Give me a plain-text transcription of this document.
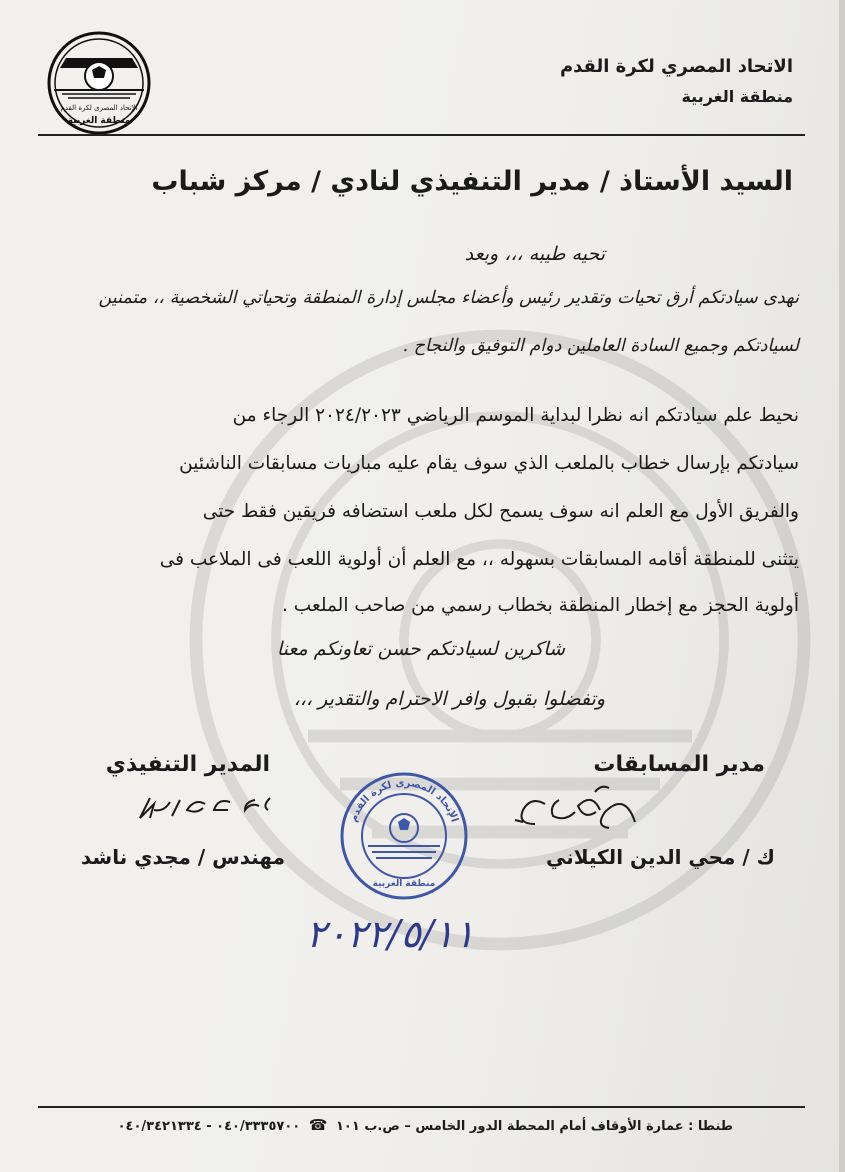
الإتحاد المصرى لكرة القدم
منطقة الغربية
الاتحاد المصري لكرة القدم
منطقة الغربية
السيد الأستاذ / مدير التنفيذي لنادي / مركز شباب
تحيه طيبه ،،، وبعد
نهدى سيادتكم أرق تحيات وتقدير رئيس وأعضاء مجلس إدارة المنطقة وتحياتي الشخصية ،، متمنين
لسيادتكم وجميع السادة العاملين دوام التوفيق والنجاح .
نحيط علم سيادتكم انه نظرا لبداية الموسم الرياضي ٢٠٢٤/٢٠٢٣ الرجاء من
سيادتكم بإرسال خطاب بالملعب الذي سوف يقام عليه مباريات مسابقات الناشئين
والفريق الأول مع العلم انه سوف يسمح لكل ملعب استضافه فريقين فقط حتى
يتثنى للمنطقة أقامه المسابقات بسهوله ،، مع العلم أن أولوية اللعب فى الملاعب فى
أولوية الحجز مع إخطار المنطقة بخطاب رسمي من صاحب الملعب .
شاكرين لسيادتكم حسن تعاونكم معنا
وتفضلوا بقبول وافر الاحترام والتقدير ،،،
المدير التنفيذي	مدير المسابقات
مهندس / مجدي ناشد	ك / محي الدين الكيلاني
الإتحاد المصرى لكرة القدم
منطقة الغربية
٢٠٢٢/٥/١١
طنطا : عمارة الأوقاف أمام المحطة الدور الخامس – ص.ب ١٠١ ☎ ٠٤٠/٣٣٣٥٧٠٠ - ٠٤٠/٣٤٢١٣٣٤
